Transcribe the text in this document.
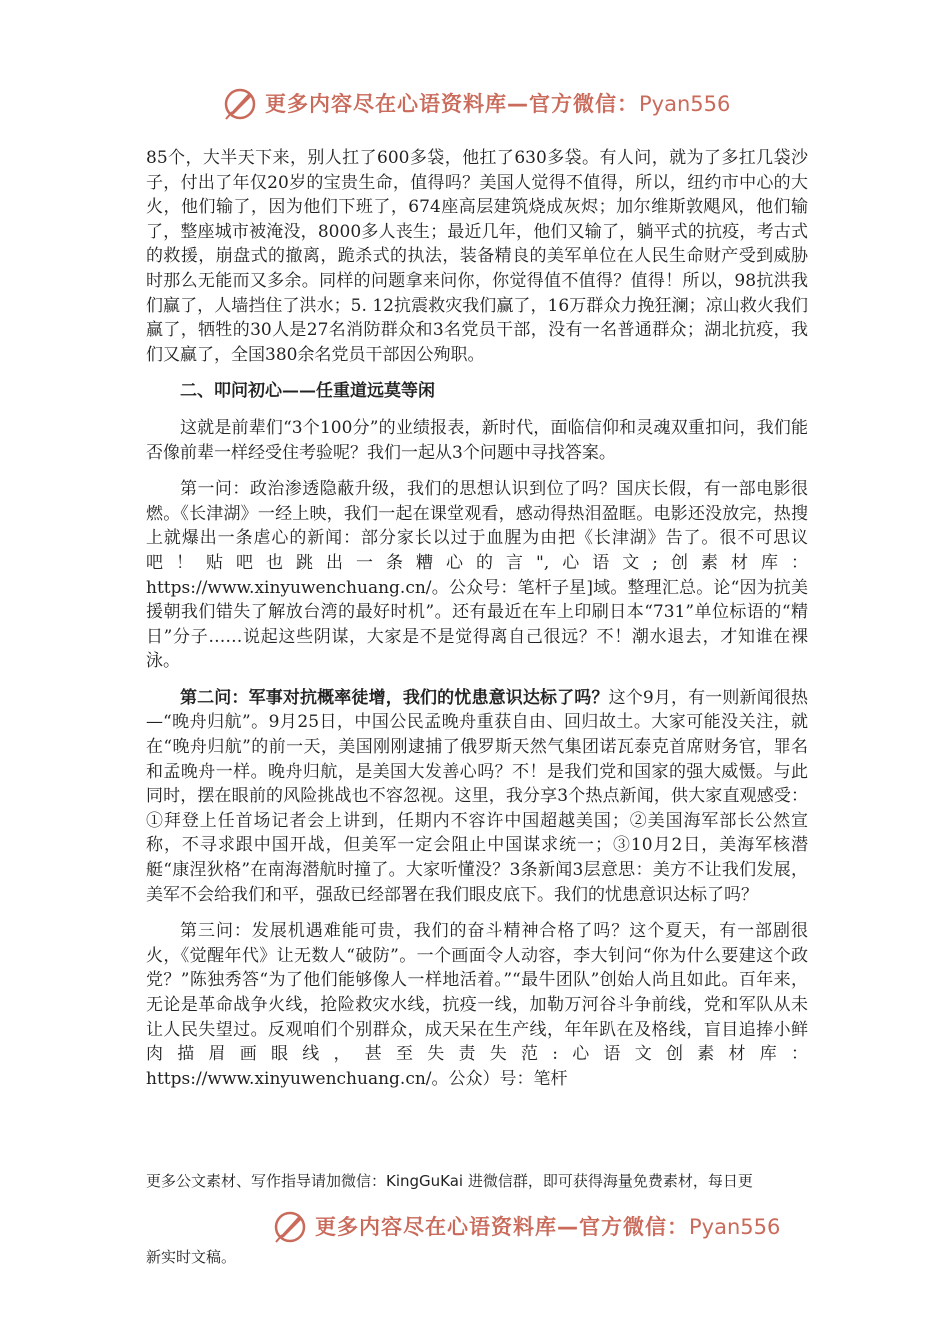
更多内容尽在心语资料库—官方微信：Pyan556

85个，大半天下来，别人扛了600多袋，他扛了630多袋。有人问，就为了多扛几袋沙子，付出了年仅20岁的宝贵生命，值得吗？美国人觉得不值得，所以，纽约市中心的大火，他们输了，因为他们下班了，674座高层建筑烧成灰烬；加尔维斯敦飓风，他们输了，整座城市被淹没，8000多人丧生；最近几年，他们又输了，躺平式的抗疫，考古式的救援，崩盘式的撤离，跪杀式的执法，装备精良的美军单位在人民生命财产受到威胁时那么无能而又多余。同样的问题拿来问你，你觉得值不值得？值得！所以，98抗洪我们赢了，人墙挡住了洪水；5. 12抗震救灾我们赢了，16万群众力挽狂澜；凉山救火我们赢了，牺牲的30人是27名消防群众和3名党员干部，没有一名普通群众；湖北抗疫，我们又赢了，全国380余名党员干部因公殉职。

二、叩问初心——任重道远莫等闲

这就是前辈们“3个100分”的业绩报表，新时代，面临信仰和灵魂双重扣问，我们能否像前辈一样经受住考验呢？我们一起从3个问题中寻找答案。

第一问：政治渗透隐蔽升级，我们的思想认识到位了吗？国庆长假，有一部电影很燃。《长津湖》一经上映，我们一起在课堂观看，感动得热泪盈眶。电影还没放完，热搜上就爆出一条虐心的新闻：部分家长以过于血腥为由把《长津湖》告了。很不可思议吧！贴吧也跳出一条糟心的言",心语文;创素材库：https://www.xinyuwenchuang.cn/。公众号：笔杆子星]域。整理汇总。论“因为抗美援朝我们错失了解放台湾的最好时机”。还有最近在车上印刷日本“731”单位标语的“精日”分子……说起这些阴谋，大家是不是觉得离自己很远？不！潮水退去，才知谁在裸泳。

第二问：军事对抗概率徒增，我们的忧患意识达标了吗？这个9月，有一则新闻很热—“晚舟归航”。9月25日，中国公民孟晚舟重获自由、回归故土。大家可能没关注，就在“晚舟归航”的前一天，美国刚刚逮捕了俄罗斯天然气集团诺瓦泰克首席财务官，罪名和孟晚舟一样。晚舟归航，是美国大发善心吗？不！是我们党和国家的强大威慑。与此同时，摆在眼前的风险挑战也不容忽视。这里，我分享3个热点新闻，供大家直观感受：①拜登上任首场记者会上讲到，任期内不容许中国超越美国；②美国海军部长公然宣称，不寻求跟中国开战，但美军一定会阻止中国谋求统一；③10月2日，美海军核潜艇“康涅狄格”在南海潜航时撞了。大家听懂没？3条新闻3层意思：美方不让我们发展，美军不会给我们和平，强敌已经部署在我们眼皮底下。我们的忧患意识达标了吗？

第三问：发展机遇难能可贵，我们的奋斗精神合格了吗？这个夏天，有一部剧很火，《觉醒年代》让无数人“破防”。一个画面令人动容，李大钊问“你为什么要建这个政党？”陈独秀答“为了他们能够像人一样地活着。”“最牛团队”创始人尚且如此。百年来，无论是革命战争火线，抢险救灾水线，抗疫一线，加勒万河谷斗争前线，党和军队从未让人民失望过。反观咱们个别群众，成天呆在生产线，年年趴在及格线，盲目追捧小鲜肉描眉画眼线，甚至失责失范:心语文创素材库：https://www.xinyuwenchuang.cn/。公众）号：笔杆

更多公文素材、写作指导请加微信：KingGuKai 进微信群，即可获得海量免费素材，每日更
更多内容尽在心语资料库—官方微信：Pyan556
新实时文稿。
